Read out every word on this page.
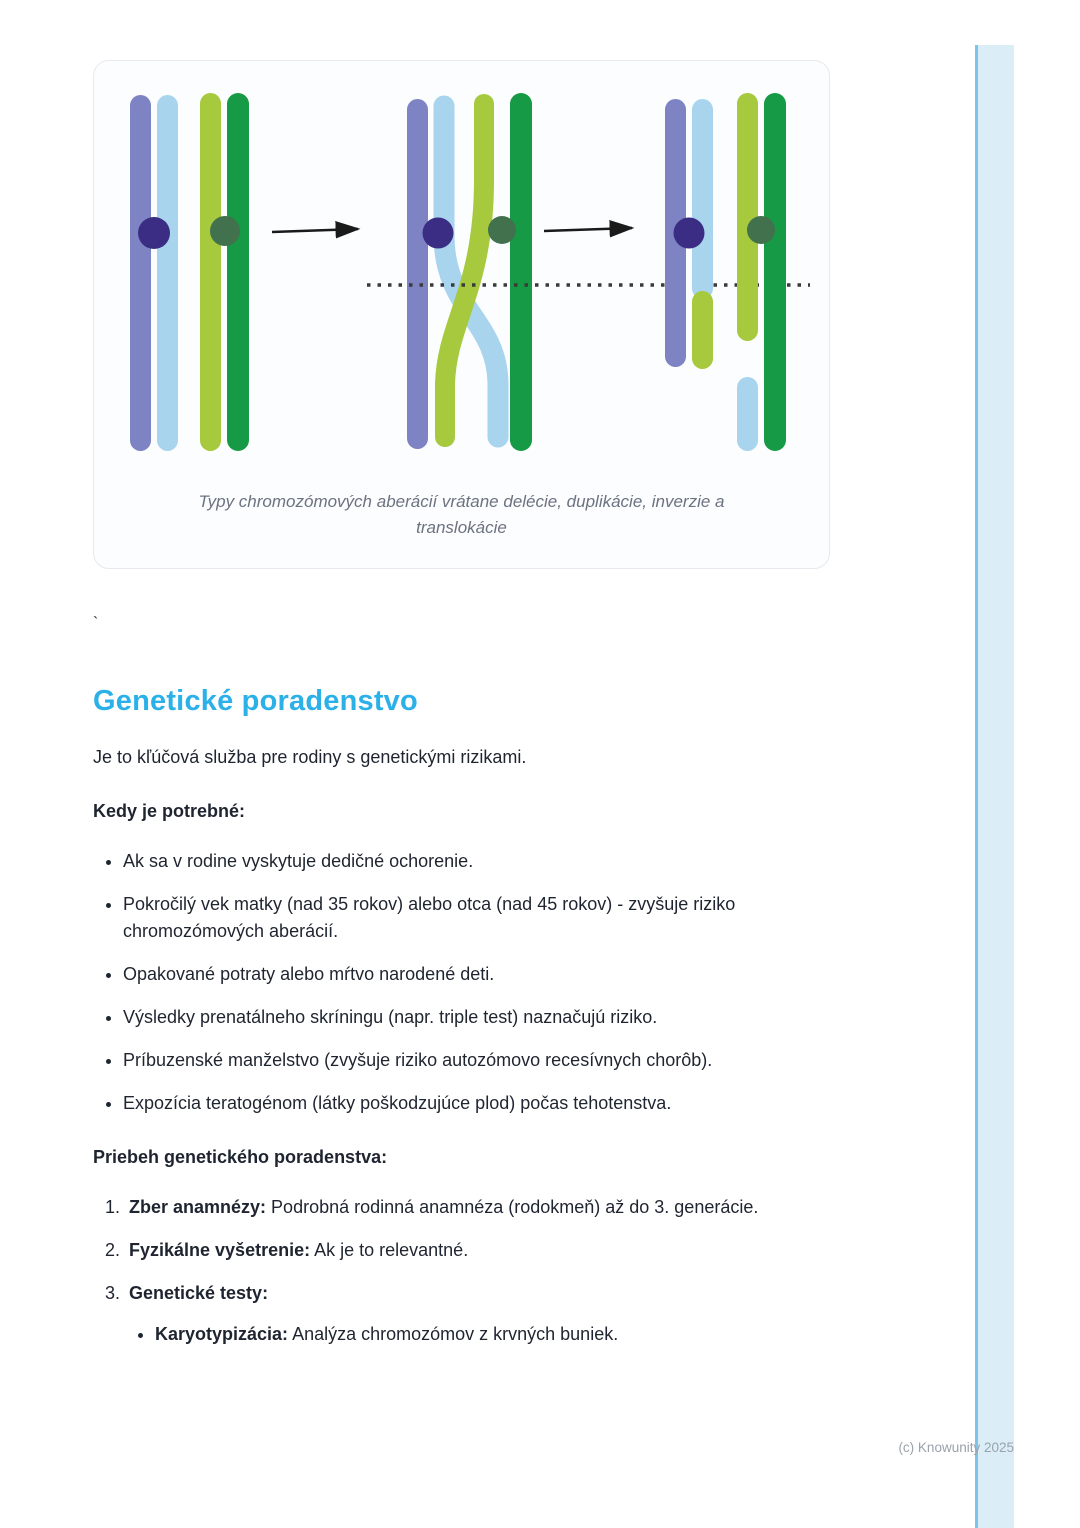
Typy chromozómových aberácií vrátane delécie, duplikácie, inverzie a translokácie
`
Genetické poradenstvo

Je to kľúčová služba pre rodiny s genetickými rizikami.

Kedy je potrebné:
• Ak sa v rodine vyskytuje dedičné ochorenie.
• Pokročilý vek matky (nad 35 rokov) alebo otca (nad 45 rokov) - zvyšuje riziko chromozómových aberácií.
• Opakované potraty alebo mŕtvo narodené deti.
• Výsledky prenatálneho skríningu (napr. triple test) naznačujú riziko.
• Príbuzenské manželstvo (zvyšuje riziko autozómovo recesívnych chorôb).
• Expozícia teratogénom (látky poškodzujúce plod) počas tehotenstva.
Priebeh genetického poradenstva:
1. Zber anamnézy: Podrobná rodinná anamnéza (rodokmeň) až do 3. generácie.
2. Fyzikálne vyšetrenie: Ak je to relevantné.
3. Genetické testy:
• Karyotypizácia: Analýza chromozómov z krvných buniek.
(c) Knowunity 2025
